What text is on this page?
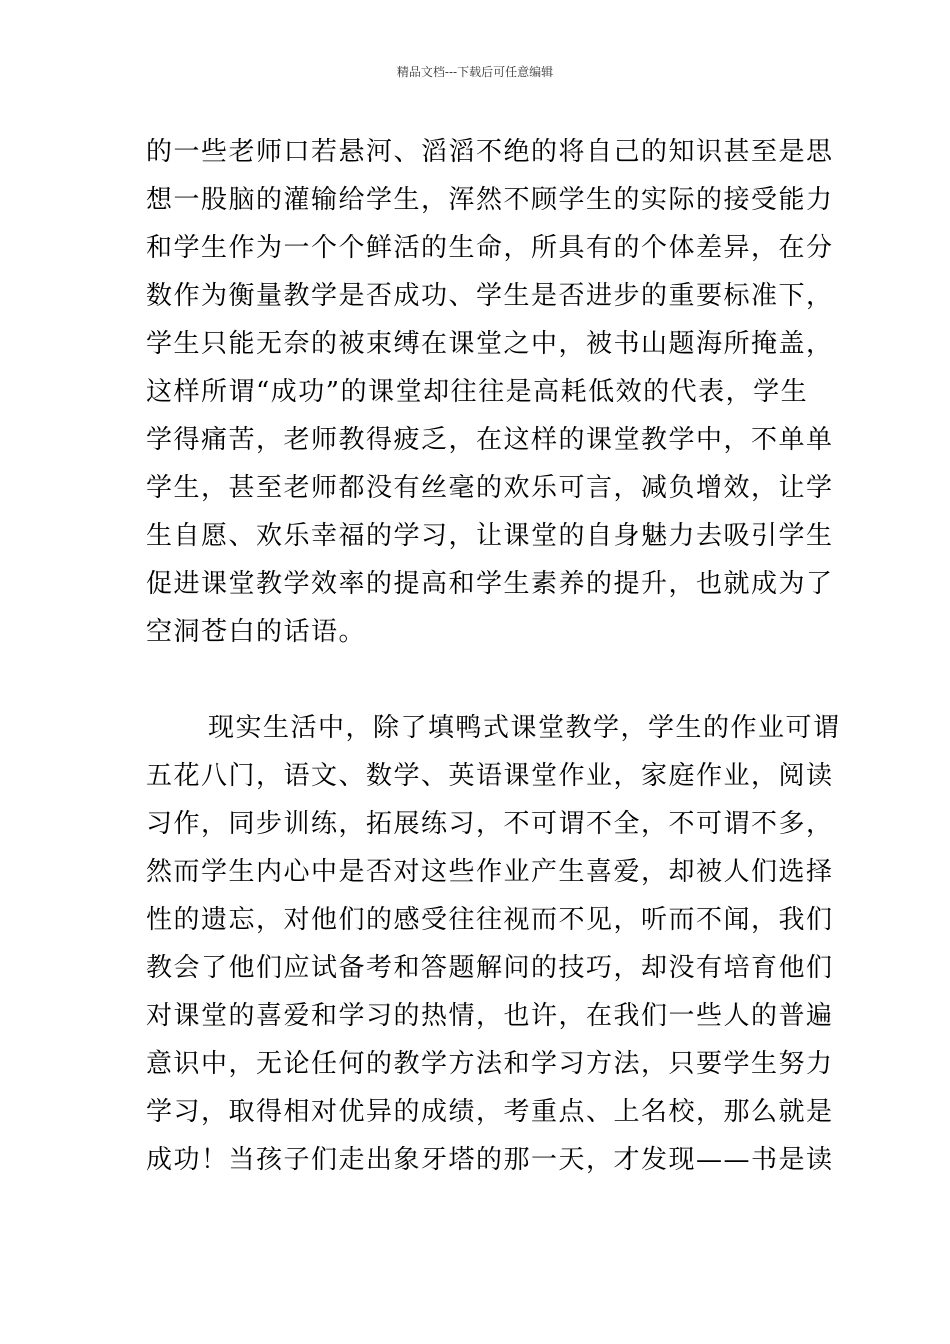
精品文档---下载后可任意编辑
的一些老师口若悬河、滔滔不绝的将自己的知识甚至是思
想一股脑的灌输给学生，浑然不顾学生的实际的接受能力
和学生作为一个个鲜活的生命，所具有的个体差异，在分
数作为衡量教学是否成功、学生是否进步的重要标准下，
学生只能无奈的被束缚在课堂之中，被书山题海所掩盖，
这样所谓“成功”的课堂却往往是高耗低效的代表，学生
学得痛苦，老师教得疲乏，在这样的课堂教学中，不单单
学生，甚至老师都没有丝毫的欢乐可言，减负增效，让学
生自愿、欢乐幸福的学习，让课堂的自身魅力去吸引学生
促进课堂教学效率的提高和学生素养的提升，也就成为了
空洞苍白的话语。
现实生活中，除了填鸭式课堂教学，学生的作业可谓
五花八门，语文、数学、英语课堂作业，家庭作业，阅读
习作，同步训练，拓展练习，不可谓不全，不可谓不多，
然而学生内心中是否对这些作业产生喜爱，却被人们选择
性的遗忘，对他们的感受往往视而不见，听而不闻，我们
教会了他们应试备考和答题解问的技巧，却没有培育他们
对课堂的喜爱和学习的热情，也许，在我们一些人的普遍
意识中，无论任何的教学方法和学习方法，只要学生努力
学习，取得相对优异的成绩，考重点、上名校，那么就是
成功！当孩子们走出象牙塔的那一天，才发现——书是读
